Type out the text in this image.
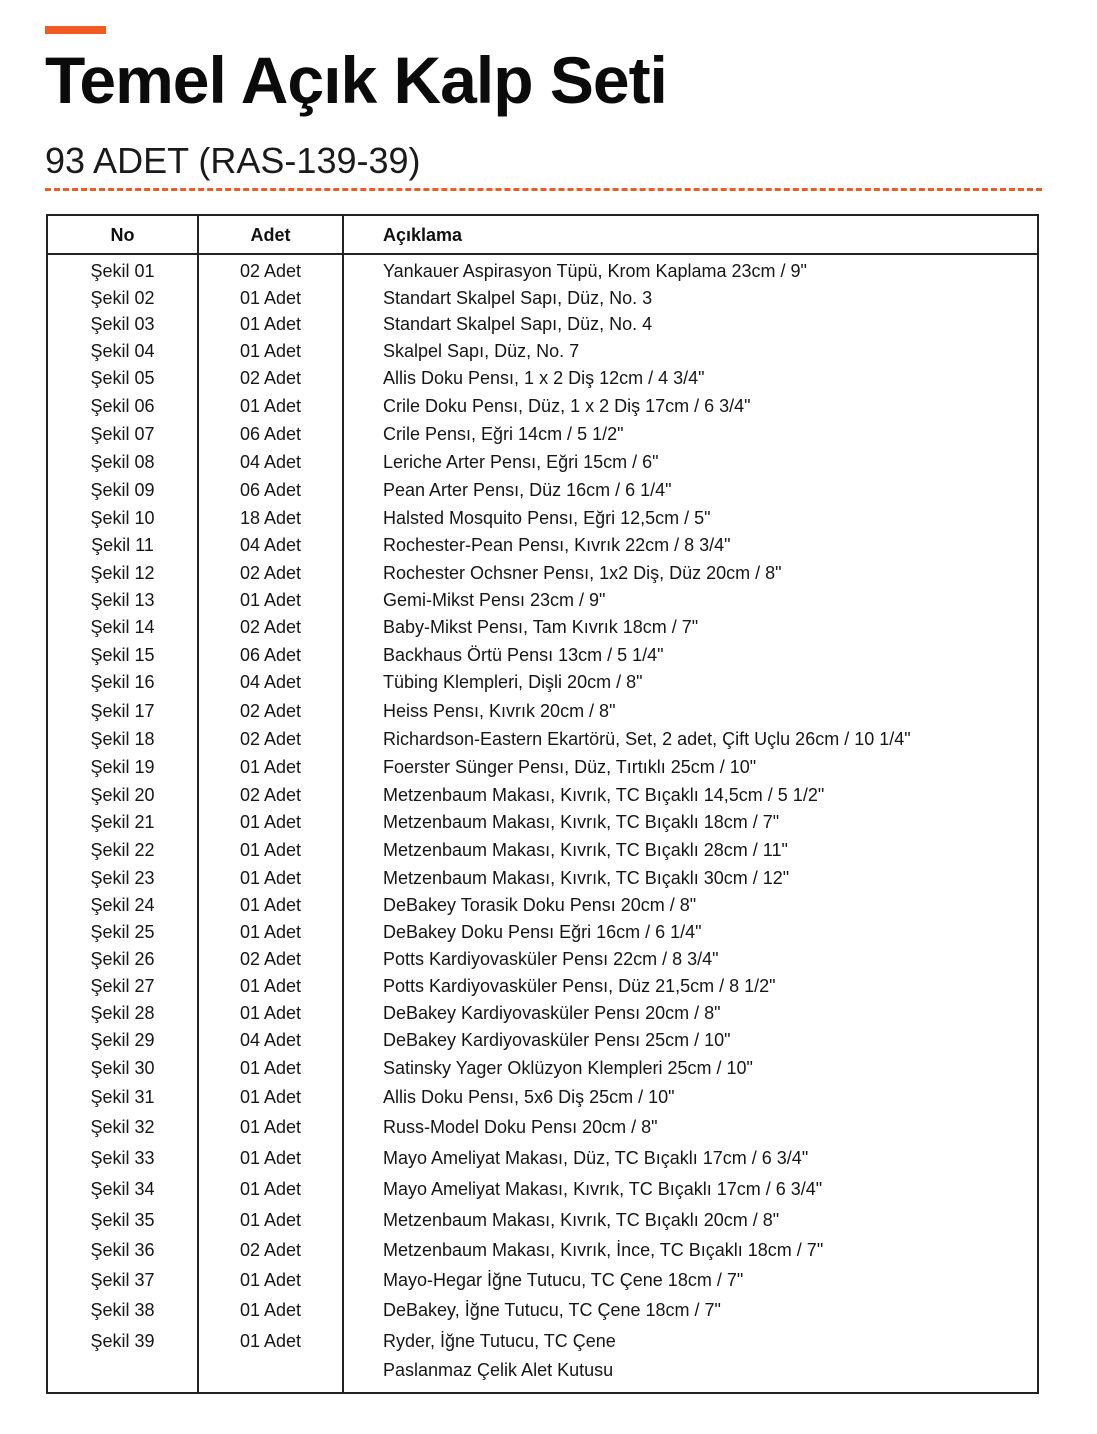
Temel Açık Kalp Seti
93 ADET (RAS-139-39)
No	Adet	Açıklama
Şekil 01	02 Adet	Yankauer Aspirasyon Tüpü, Krom Kaplama 23cm / 9"
Şekil 02	01 Adet	Standart Skalpel Sapı, Düz, No. 3
Şekil 03	01 Adet	Standart Skalpel Sapı, Düz, No. 4
Şekil 04	01 Adet	Skalpel Sapı, Düz, No. 7
Şekil 05	02 Adet	Allis Doku Pensı, 1 x 2 Diş 12cm / 4 3/4"
Şekil 06	01 Adet	Crile Doku Pensı, Düz, 1 x 2 Diş 17cm / 6 3/4"
Şekil 07	06 Adet	Crile Pensı, Eğri 14cm / 5 1/2"
Şekil 08	04 Adet	Leriche Arter Pensı, Eğri 15cm / 6"
Şekil 09	06 Adet	Pean Arter Pensı, Düz 16cm / 6 1/4"
Şekil 10	18 Adet	Halsted Mosquito Pensı, Eğri 12,5cm / 5"
Şekil 11	04 Adet	Rochester-Pean Pensı, Kıvrık 22cm / 8 3/4"
Şekil 12	02 Adet	Rochester Ochsner Pensı, 1x2 Diş, Düz 20cm / 8"
Şekil 13	01 Adet	Gemi-Mikst Pensı 23cm / 9"
Şekil 14	02 Adet	Baby-Mikst Pensı, Tam Kıvrık 18cm / 7"
Şekil 15	06 Adet	Backhaus Örtü Pensı 13cm / 5 1/4"
Şekil 16	04 Adet	Tübing Klempleri, Dişli 20cm / 8"
Şekil 17	02 Adet	Heiss Pensı, Kıvrık 20cm / 8"
Şekil 18	02 Adet	Richardson-Eastern Ekartörü, Set, 2 adet, Çift Uçlu 26cm / 10 1/4"
Şekil 19	01 Adet	Foerster Sünger Pensı, Düz, Tırtıklı 25cm / 10"
Şekil 20	02 Adet	Metzenbaum Makası, Kıvrık, TC Bıçaklı 14,5cm / 5 1/2"
Şekil 21	01 Adet	Metzenbaum Makası, Kıvrık, TC Bıçaklı 18cm / 7"
Şekil 22	01 Adet	Metzenbaum Makası, Kıvrık, TC Bıçaklı 28cm / 11"
Şekil 23	01 Adet	Metzenbaum Makası, Kıvrık, TC Bıçaklı 30cm / 12"
Şekil 24	01 Adet	DeBakey Torasik Doku Pensı 20cm / 8"
Şekil 25	01 Adet	DeBakey Doku Pensı Eğri 16cm / 6 1/4"
Şekil 26	02 Adet	Potts Kardiyovasküler Pensı 22cm / 8 3/4"
Şekil 27	01 Adet	Potts Kardiyovasküler Pensı, Düz 21,5cm / 8 1/2"
Şekil 28	01 Adet	DeBakey Kardiyovasküler Pensı 20cm / 8"
Şekil 29	04 Adet	DeBakey Kardiyovasküler Pensı 25cm / 10"
Şekil 30	01 Adet	Satinsky Yager Oklüzyon Klempleri 25cm / 10"
Şekil 31	01 Adet	Allis Doku Pensı, 5x6 Diş 25cm / 10"
Şekil 32	01 Adet	Russ-Model Doku Pensı 20cm / 8"
Şekil 33	01 Adet	Mayo Ameliyat Makası, Düz, TC Bıçaklı 17cm / 6 3/4"
Şekil 34	01 Adet	Mayo Ameliyat Makası, Kıvrık, TC Bıçaklı 17cm / 6 3/4"
Şekil 35	01 Adet	Metzenbaum Makası, Kıvrık, TC Bıçaklı 20cm / 8"
Şekil 36	02 Adet	Metzenbaum Makası, Kıvrık, İnce, TC Bıçaklı 18cm / 7"
Şekil 37	01 Adet	Mayo-Hegar İğne Tutucu, TC Çene 18cm / 7"
Şekil 38	01 Adet	DeBakey, İğne Tutucu, TC Çene 18cm / 7"
Şekil 39	01 Adet	Ryder, İğne Tutucu, TC Çene
Paslanmaz Çelik Alet Kutusu
